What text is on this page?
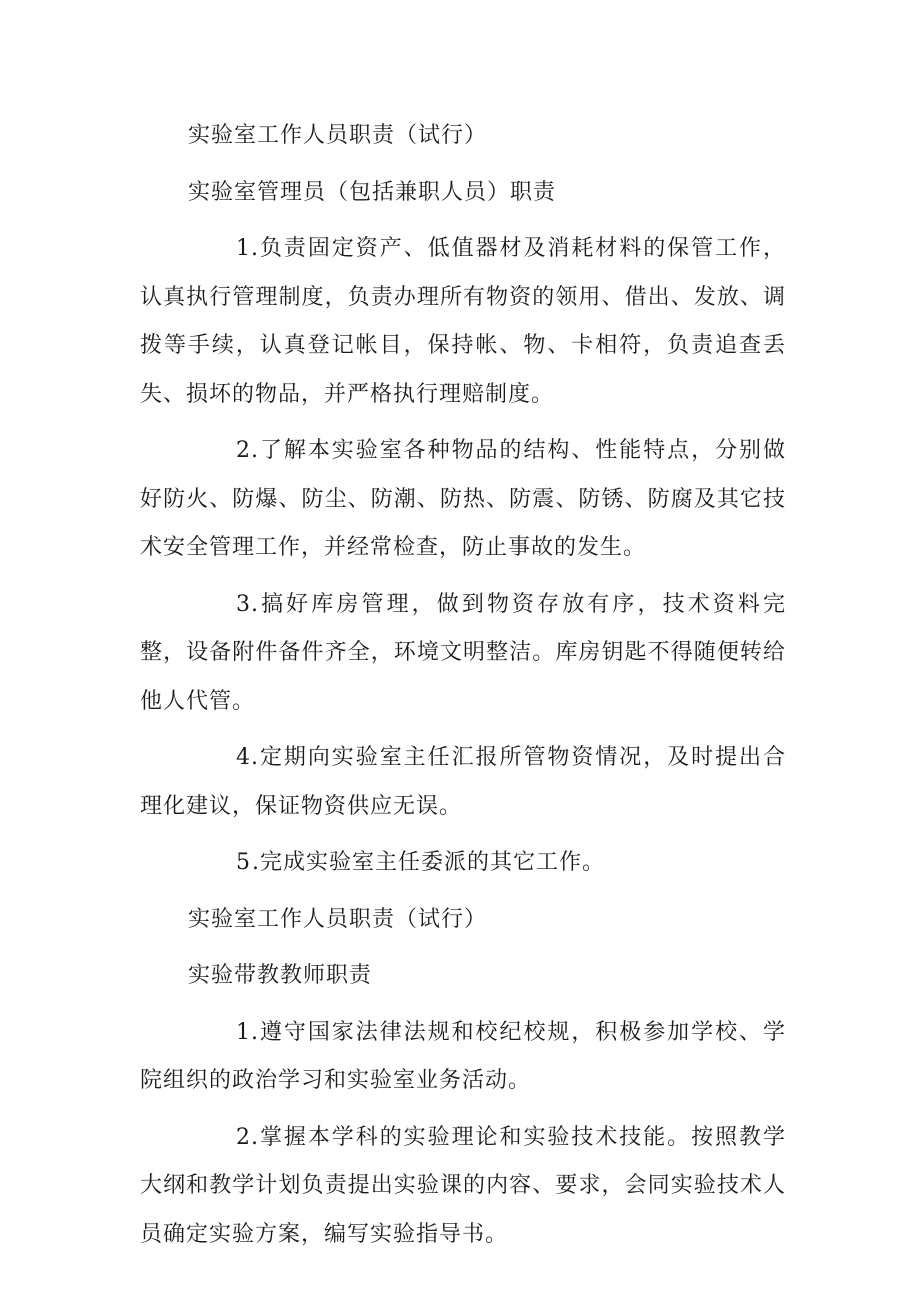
实验室工作人员职责（试行）

实验室管理员（包括兼职人员）职责

1.负责固定资产、低值器材及消耗材料的保管工作，认真执行管理制度，负责办理所有物资的领用、借出、发放、调拨等手续，认真登记帐目，保持帐、物、卡相符，负责追查丢失、损坏的物品，并严格执行理赔制度。

2.了解本实验室各种物品的结构、性能特点，分别做好防火、防爆、防尘、防潮、防热、防震、防锈、防腐及其它技术安全管理工作，并经常检查，防止事故的发生。

3.搞好库房管理，做到物资存放有序，技术资料完整，设备附件备件齐全，环境文明整洁。库房钥匙不得随便转给他人代管。

4.定期向实验室主任汇报所管物资情况，及时提出合理化建议，保证物资供应无误。

5.完成实验室主任委派的其它工作。

实验室工作人员职责（试行）

实验带教教师职责

1.遵守国家法律法规和校纪校规，积极参加学校、学院组织的政治学习和实验室业务活动。

2.掌握本学科的实验理论和实验技术技能。按照教学大纲和教学计划负责提出实验课的内容、要求，会同实验技术人员确定实验方案，编写实验指导书。
